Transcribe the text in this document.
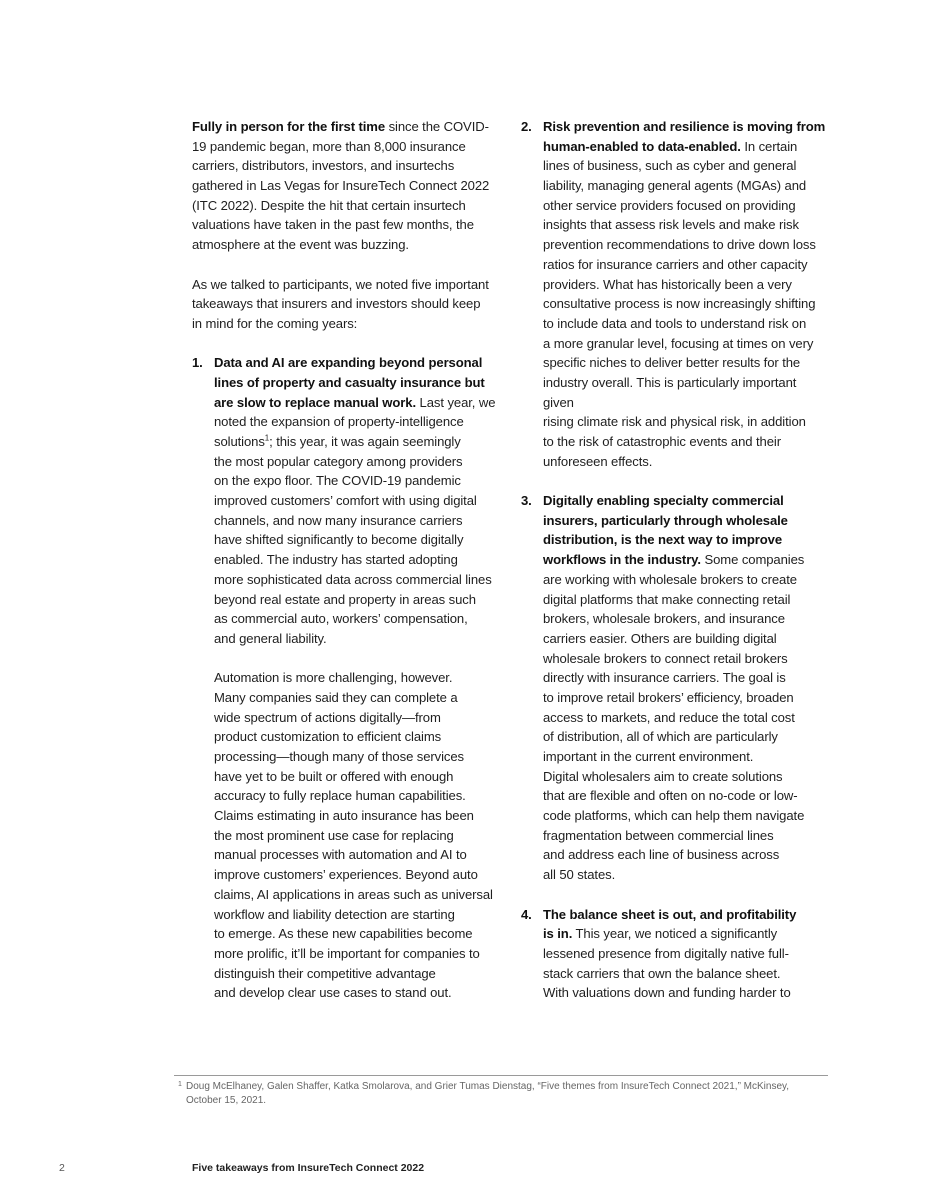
Fully in person for the first time since the COVID-
19 pandemic began, more than 8,000 insurance
carriers, distributors, investors, and insurtechs
gathered in Las Vegas for InsureTech Connect 2022
(ITC 2022). Despite the hit that certain insurtech
valuations have taken in the past few months, the
atmosphere at the event was buzzing.
As we talked to participants, we noted five important
takeaways that insurers and investors should keep
in mind for the coming years:
1. Data and AI are expanding beyond personal
lines of property and casualty insurance but
are slow to replace manual work. Last year, we
noted the expansion of property-intelligence
solutions$^1$; this year, it was again seemingly
the most popular category among providers
on the expo floor. The COVID-19 pandemic
improved customers’ comfort with using digital
channels, and now many insurance carriers
have shifted significantly to become digitally
enabled. The industry has started adopting
more sophisticated data across commercial lines
beyond real estate and property in areas such
as commercial auto, workers’ compensation,
and general liability.
Automation is more challenging, however.
Many companies said they can complete a
wide spectrum of actions digitally—from
product customization to efficient claims
processing—though many of those services
have yet to be built or offered with enough
accuracy to fully replace human capabilities.
Claims estimating in auto insurance has been
the most prominent use case for replacing
manual processes with automation and AI to
improve customers’ experiences. Beyond auto
claims, AI applications in areas such as universal
workflow and liability detection are starting
to emerge. As these new capabilities become
more prolific, it’ll be important for companies to
distinguish their competitive advantage
and develop clear use cases to stand out.
2. Risk prevention and resilience is moving from
human-enabled to data-enabled. In certain
lines of business, such as cyber and general
liability, managing general agents (MGAs) and
other service providers focused on providing
insights that assess risk levels and make risk
prevention recommendations to drive down loss
ratios for insurance carriers and other capacity
providers. What has historically been a very
consultative process is now increasingly shifting
to include data and tools to understand risk on
a more granular level, focusing at times on very
specific niches to deliver better results for the
industry overall. This is particularly important
given
rising climate risk and physical risk, in addition
to the risk of catastrophic events and their
unforeseen effects.
3. Digitally enabling specialty commercial
insurers, particularly through wholesale
distribution, is the next way to improve
workflows in the industry. Some companies
are working with wholesale brokers to create
digital platforms that make connecting retail
brokers, wholesale brokers, and insurance
carriers easier. Others are building digital
wholesale brokers to connect retail brokers
directly with insurance carriers. The goal is
to improve retail brokers’ efficiency, broaden
access to markets, and reduce the total cost
of distribution, all of which are particularly
important in the current environment.
Digital wholesalers aim to create solutions
that are flexible and often on no-code or low-
code platforms, which can help them navigate
fragmentation between commercial lines
and address each line of business across
all 50 states.
4. The balance sheet is out, and profitability
is in. This year, we noticed a significantly
lessened presence from digitally native full-
stack carriers that own the balance sheet.
With valuations down and funding harder to
1 Doug McElhaney, Galen Shaffer, Katka Smolarova, and Grier Tumas Dienstag, “Five themes from InsureTech Connect 2021,” McKinsey,
October 15, 2021.
2	Five takeaways from InsureTech Connect 2022
